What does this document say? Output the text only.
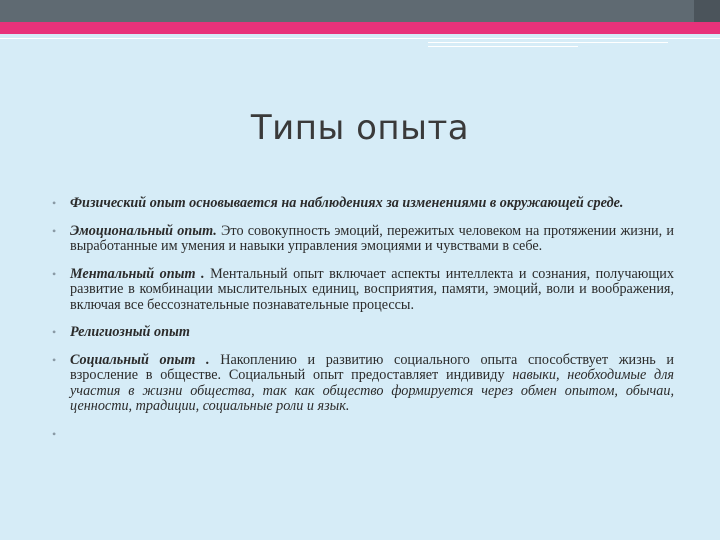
Типы опыта
• Физический опыт основывается на наблюдениях за изменениями в окружающей среде.
• Эмоциональный опыт. Это совокупность эмоций, пережитых человеком на протяжении жизни, и выработанные им умения и навыки управления эмоциями и чувствами в себе.
• Ментальный опыт . Ментальный опыт включает аспекты интеллекта и сознания, получающих развитие в комбинации мыслительных единиц, восприятия, памяти, эмоций, воли и воображения, включая все бессознательные познавательные процессы.
• Религиозный опыт
• Социальный опыт . Накоплению и развитию социального опыта способствует жизнь и взросление в обществе. Социальный опыт предоставляет индивиду навыки, необходимые для участия в жизни общества, так как общество формируется через обмен опытом, обычаи, ценности, традиции, социальные роли и язык.
•
